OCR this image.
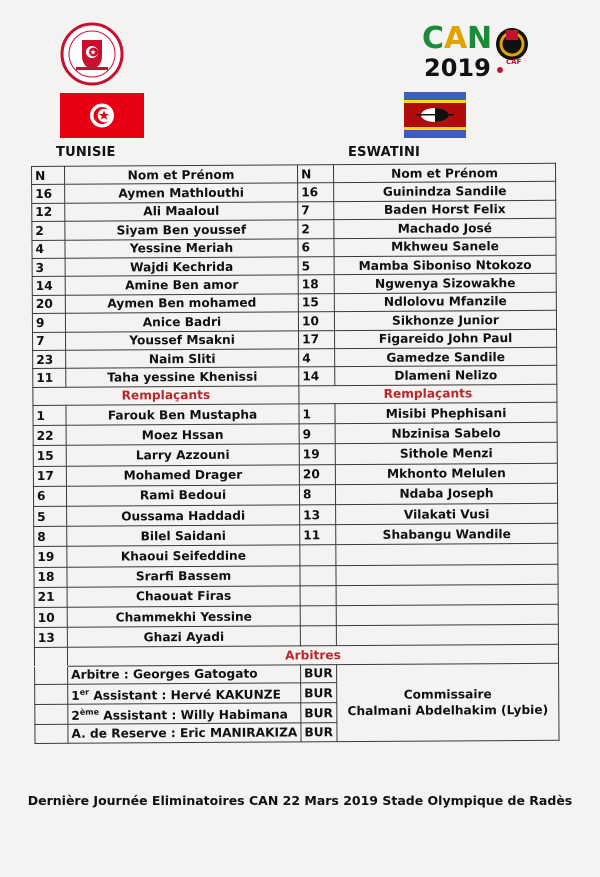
C A N
CAF
2019
TUNISIE	ESWATINI
N	Nom et Prénom	N	Nom et Prénom
16	Aymen Mathlouthi	16	Guinindza Sandile
12	Ali Maaloul	7	Baden Horst Felix
2	Siyam Ben youssef	2	Machado José
4	Yessine Meriah	6	Mkhweu Sanele
3	Wajdi Kechrida	5	Mamba Siboniso Ntokozo
14	Amine Ben amor	18	Ngwenya Sizowakhe
20	Aymen Ben mohamed	15	Ndlolovu Mfanzile
9	Anice Badri	10	Sikhonze Junior
7	Youssef Msakni	17	Figareido John Paul
23	Naim Sliti	4	Gamedze Sandile
11	Taha yessine Khenissi	14	Dlameni Nelizo
Remplaçants		Remplaçants	
1	Farouk Ben Mustapha	1	Misibi Phephisani
22	Moez Hssan	9	Nbzinisa Sabelo
15	Larry Azzouni	19	Sithole Menzi
17	Mohamed Drager	20	Mkhonto Melulen
6	Rami Bedoui	8	Ndaba Joseph
5	Oussama Haddadi	13	Vilakati Vusi
8	Bilel Saidani	11	Shabangu Wandile
19	Khaoui Seifeddine		
18	Srarfi Bassem		
21	Chaouat Firas		
10	Chammekhi Yessine		
13	Ghazi Ayadi		
	Arbitres		
	Arbitre : Georges Gatogato	BUR	Commissaire
Chalmani Abdelhakim (Lybie)

	1er Assistant : Hervé KAKUNZE	BUR	
	2ème Assistant : Willy Habimana	BUR	
	A. de Reserve : Eric MANIRAKIZA	BUR	
Dernière Journée Eliminatoires CAN 22 Mars 2019 Stade Olympique de Radès
